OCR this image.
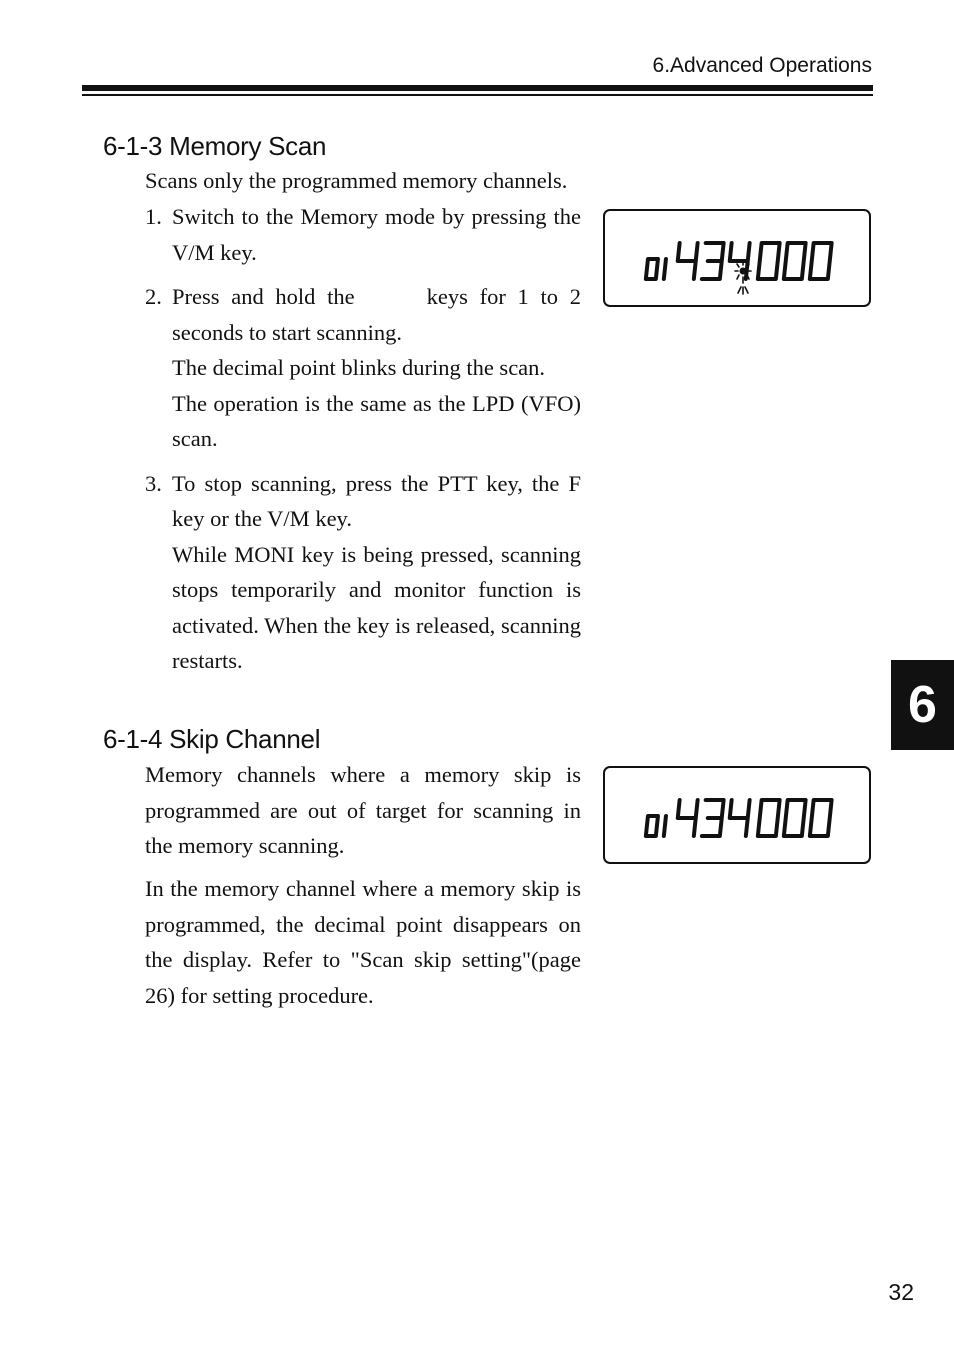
6.Advanced Operations
6-1-3 Memory Scan

Scans only the programmed memory channels.

1. Switch to the Memory mode by pressing the V/M key.

2. Press and hold the	keys for 1 to 2 seconds to start scanning.

The decimal point blinks during the scan.

The operation is the same as the LPD (VFO) scan.

3. To stop scanning, press the PTT key, the F key or the V/M key.

While MONI key is being pressed, scanning stops temporarily and monitor function is activated. When the key is released, scanning restarts.

6-1-4 Skip Channel

Memory channels where a memory skip is programmed are out of target for scanning in the memory scanning.

In the memory channel where a memory skip is programmed, the decimal point disappears on the display. Refer to "Scan skip setting"(page 26) for setting procedure.

6
32
